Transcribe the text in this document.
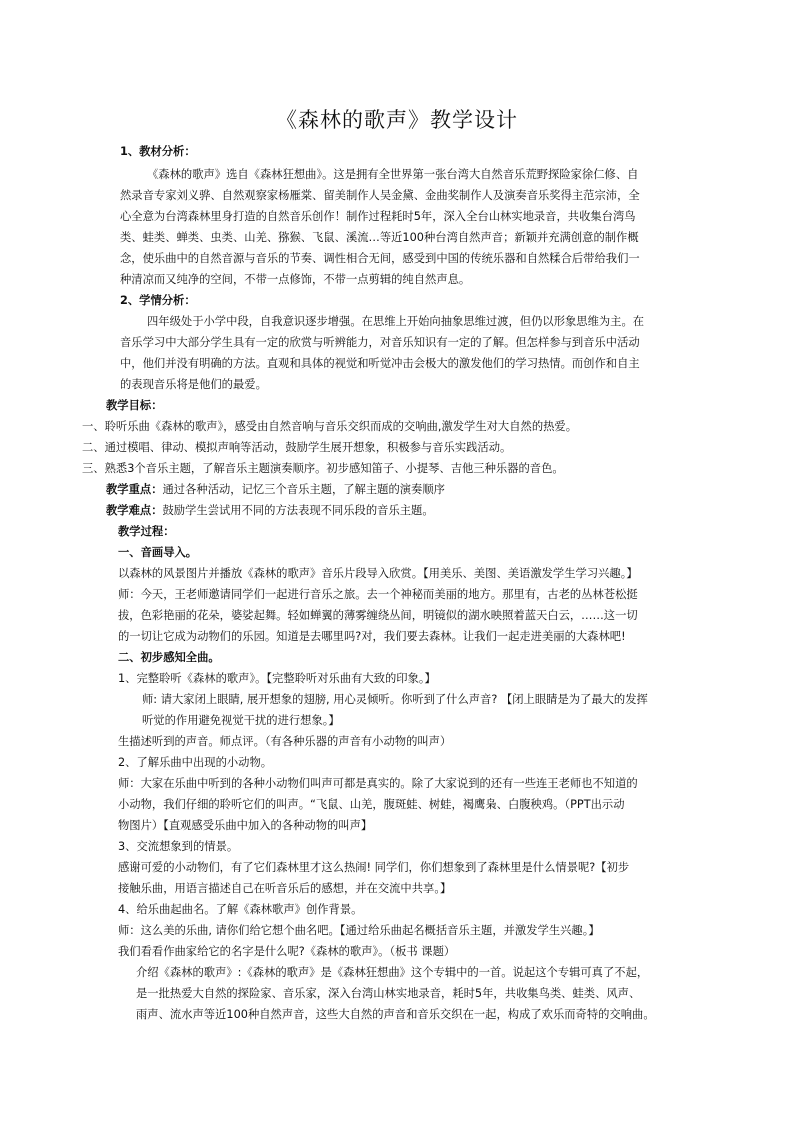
《森林的歌声》教学设计
1、教材分析：
《森林的歌声》选自《森林狂想曲》。这是拥有全世界第一张台湾大自然音乐荒野探险家徐仁修、自
然录音专家刘义骅、自然观察家杨雁棠、留美制作人吴金黛、金曲奖制作人及演奏音乐奖得主范宗沛，全
心全意为台湾森林里身打造的自然音乐创作！制作过程耗时5年，深入全台山林实地录音，共收集台湾鸟
类、蛙类、蝉类、虫类、山羌、猕猴、飞鼠、溪流…等近100种台湾自然声音；新颖并充满创意的制作概
念，使乐曲中的自然音源与音乐的节奏、调性相合无间，感受到中国的传统乐器和自然糅合后带给我们一
种清凉而又纯净的空间，不带一点修饰，不带一点剪辑的纯自然声息。
2、学情分析：
四年级处于小学中段，自我意识逐步增强。在思维上开始向抽象思维过渡，但仍以形象思维为主。在
音乐学习中大部分学生具有一定的欣赏与听辨能力，对音乐知识有一定的了解。但怎样参与到音乐中活动
中，他们并没有明确的方法。直观和具体的视觉和听觉冲击会极大的激发他们的学习热情。而创作和自主
的表现音乐将是他们的最爱。
教学目标：
一、聆听乐曲《森林的歌声》，感受由自然音响与音乐交织而成的交响曲,激发学生对大自然的热爱。
二、通过模唱、律动、模拟声响等活动，鼓励学生展开想象，积极参与音乐实践活动。
三、熟悉3个音乐主题，了解音乐主题演奏顺序。初步感知笛子、小提琴、吉他三种乐器的音色。
教学重点：通过各种活动，记忆三个音乐主题，了解主题的演奏顺序
教学难点：鼓励学生尝试用不同的方法表现不同乐段的音乐主题。
教学过程：
一、音画导入。
以森林的风景图片并播放《森林的歌声》音乐片段导入欣赏。【用美乐、美图、美语激发学生学习兴趣。】
师：今天，王老师邀请同学们一起进行音乐之旅。去一个神秘而美丽的地方。那里有，古老的丛林苍松挺
拔，色彩艳丽的花朵，婆娑起舞。轻如蝉翼的薄雾缠绕丛间，明镜似的湖水映照着蓝天白云，……这一切
的一切让它成为动物们的乐园。知道是去哪里吗?对，我们要去森林。让我们一起走进美丽的大森林吧!
二、初步感知全曲。
1、完整聆听《森林的歌声》。【完整聆听对乐曲有大致的印象。】
师: 请大家闭上眼睛, 展开想象的翅膀, 用心灵倾听。你听到了什么声音? 【闭上眼睛是为了最大的发挥
听觉的作用避免视觉干扰的进行想象。】
生描述听到的声音。师点评。（有各种乐器的声音有小动物的叫声）
2、了解乐曲中出现的小动物。
师：大家在乐曲中听到的各种小动物们叫声可都是真实的。除了大家说到的还有一些连王老师也不知道的
小动物，我们仔细的聆听它们的叫声。“飞鼠、山羌，腹斑蛙、树蛙，褐鹰枭、白腹秧鸡。（PPT出示动
物图片）【直观感受乐曲中加入的各种动物的叫声】
3、交流想象到的情景。
感谢可爱的小动物们，有了它们森林里才这么热闹! 同学们，你们想象到了森林里是什么情景呢?【初步
接触乐曲，用语言描述自己在听音乐后的感想，并在交流中共享。】
4、给乐曲起曲名。了解《森林歌声》创作背景。
师：这么美的乐曲, 请你们给它想个曲名吧。【通过给乐曲起名概括音乐主题，并激发学生兴趣。】
我们看看作曲家给它的名字是什么呢?《森林的歌声》。（板书 课题）
介绍《森林的歌声》:《森林的歌声》是《森林狂想曲》这个专辑中的一首。说起这个专辑可真了不起，
是一批热爱大自然的探险家、音乐家，深入台湾山林实地录音，耗时5年，共收集鸟类、蛙类、风声、
雨声、流水声等近100种自然声音，这些大自然的声音和音乐交织在一起，构成了欢乐而奇特的交响曲。
